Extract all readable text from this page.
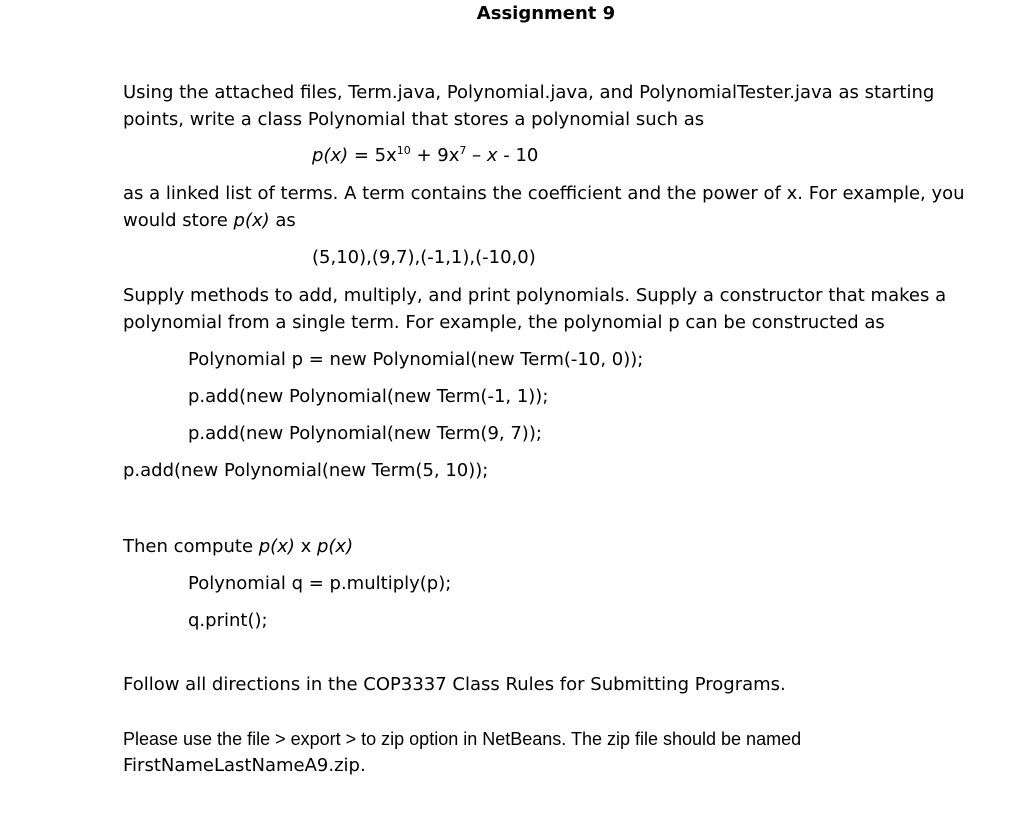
Assignment 9
Using the attached files, Term.java, Polynomial.java, and PolynomialTester.java as starting
points, write a class Polynomial that stores a polynomial such as
$p(x) = 5x^{10} + 9x^7 - x - 10$
as a linked list of terms. A term contains the coefficient and the power of x. For example, you
would store p(x) as
(5,10),(9,7),(-1,1),(-10,0)
Supply methods to add, multiply, and print polynomials. Supply a constructor that makes a
polynomial from a single term. For example, the polynomial p can be constructed as
Polynomial p = new Polynomial(new Term(-10, 0));
p.add(new Polynomial(new Term(-1, 1));
p.add(new Polynomial(new Term(9, 7));
p.add(new Polynomial(new Term(5, 10));
Then compute p(x) x p(x)
Polynomial q = p.multiply(p);
q.print();
Follow all directions in the COP3337 Class Rules for Submitting Programs.
Please use the file > export > to zip option in NetBeans. The zip file should be named
FirstNameLastNameA9.zip.
